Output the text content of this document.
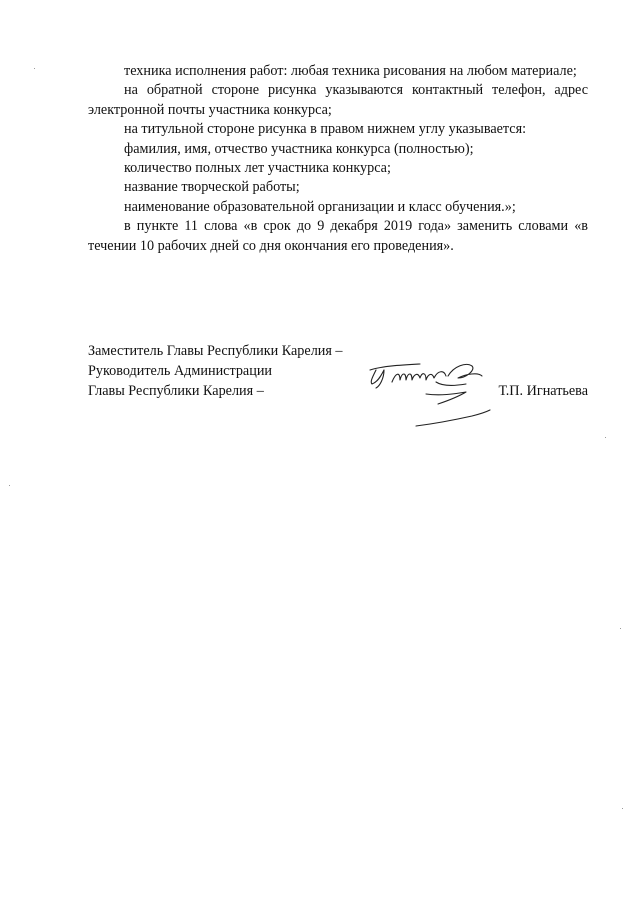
техника исполнения работ: любая техника рисования на любом материале;

на обратной стороне рисунка указываются контактный телефон, адрес электронной почты участника конкурса;

на титульной стороне рисунка в правом нижнем углу указывается:

фамилия, имя, отчество участника конкурса (полностью);

количество полных лет участника конкурса;

название творческой работы;

наименование образовательной организации и класс обучения.»;

в пункте 11 слова «в срок до 9 декабря 2019 года» заменить словами «в течении 10 рабочих дней со дня окончания его проведения».

Заместитель Главы Республики Карелия –
Руководитель Администрации
Главы Республики Карелия –	Т.П. Игнатьева
